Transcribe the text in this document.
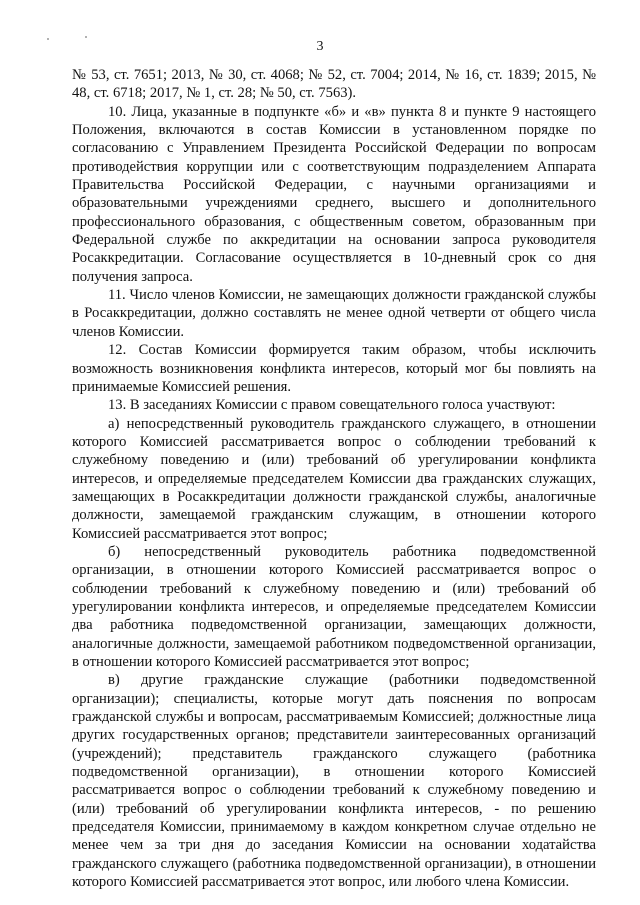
3

№ 53, ст. 7651; 2013, № 30, ст. 4068; № 52, ст. 7004; 2014, № 16, ст. 1839; 2015, № 48, ст. 6718; 2017, № 1, ст. 28; № 50, ст. 7563).

10. Лица, указанные в подпункте «б» и «в» пункта 8 и пункте 9 настоящего Положения, включаются в состав Комиссии в установленном порядке по согласованию с Управлением Президента Российской Федерации по вопросам противодействия коррупции или с соответствующим подразделением Аппарата Правительства Российской Федерации, с научными организациями и образовательными учреждениями среднего, высшего и дополнительного профессионального образования, с общественным советом, образованным при Федеральной службе по аккредитации на основании запроса руководителя Росаккредитации. Согласование осуществляется в 10-дневный срок со дня получения запроса.

11. Число членов Комиссии, не замещающих должности гражданской службы в Росаккредитации, должно составлять не менее одной четверти от общего числа членов Комиссии.

12. Состав Комиссии формируется таким образом, чтобы исключить возможность возникновения конфликта интересов, который мог бы повлиять на принимаемые Комиссией решения.

13. В заседаниях Комиссии с правом совещательного голоса участвуют:

а) непосредственный руководитель гражданского служащего, в отношении которого Комиссией рассматривается вопрос о соблюдении требований к служебному поведению и (или) требований об урегулировании конфликта интересов, и определяемые председателем Комиссии два гражданских служащих, замещающих в Росаккредитации должности гражданской службы, аналогичные должности, замещаемой гражданским служащим, в отношении которого Комиссией рассматривается этот вопрос;

б) непосредственный руководитель работника подведомственной организации, в отношении которого Комиссией рассматривается вопрос о соблюдении требований к служебному поведению и (или) требований об урегулировании конфликта интересов, и определяемые председателем Комиссии два работника подведомственной организации, замещающих должности, аналогичные должности, замещаемой работником подведомственной организации, в отношении которого Комиссией рассматривается этот вопрос;

в) другие гражданские служащие (работники подведомственной организации); специалисты, которые могут дать пояснения по вопросам гражданской службы и вопросам, рассматриваемым Комиссией; должностные лица других государственных органов; представители заинтересованных организаций (учреждений); представитель гражданского служащего (работника подведомственной организации), в отношении которого Комиссией рассматривается вопрос о соблюдении требований к служебному поведению и (или) требований об урегулировании конфликта интересов, - по решению председателя Комиссии, принимаемому в каждом конкретном случае отдельно не менее чем за три дня до заседания Комиссии на основании ходатайства гражданского служащего (работника подведомственной организации), в отношении которого Комиссией рассматривается этот вопрос, или любого члена Комиссии.
